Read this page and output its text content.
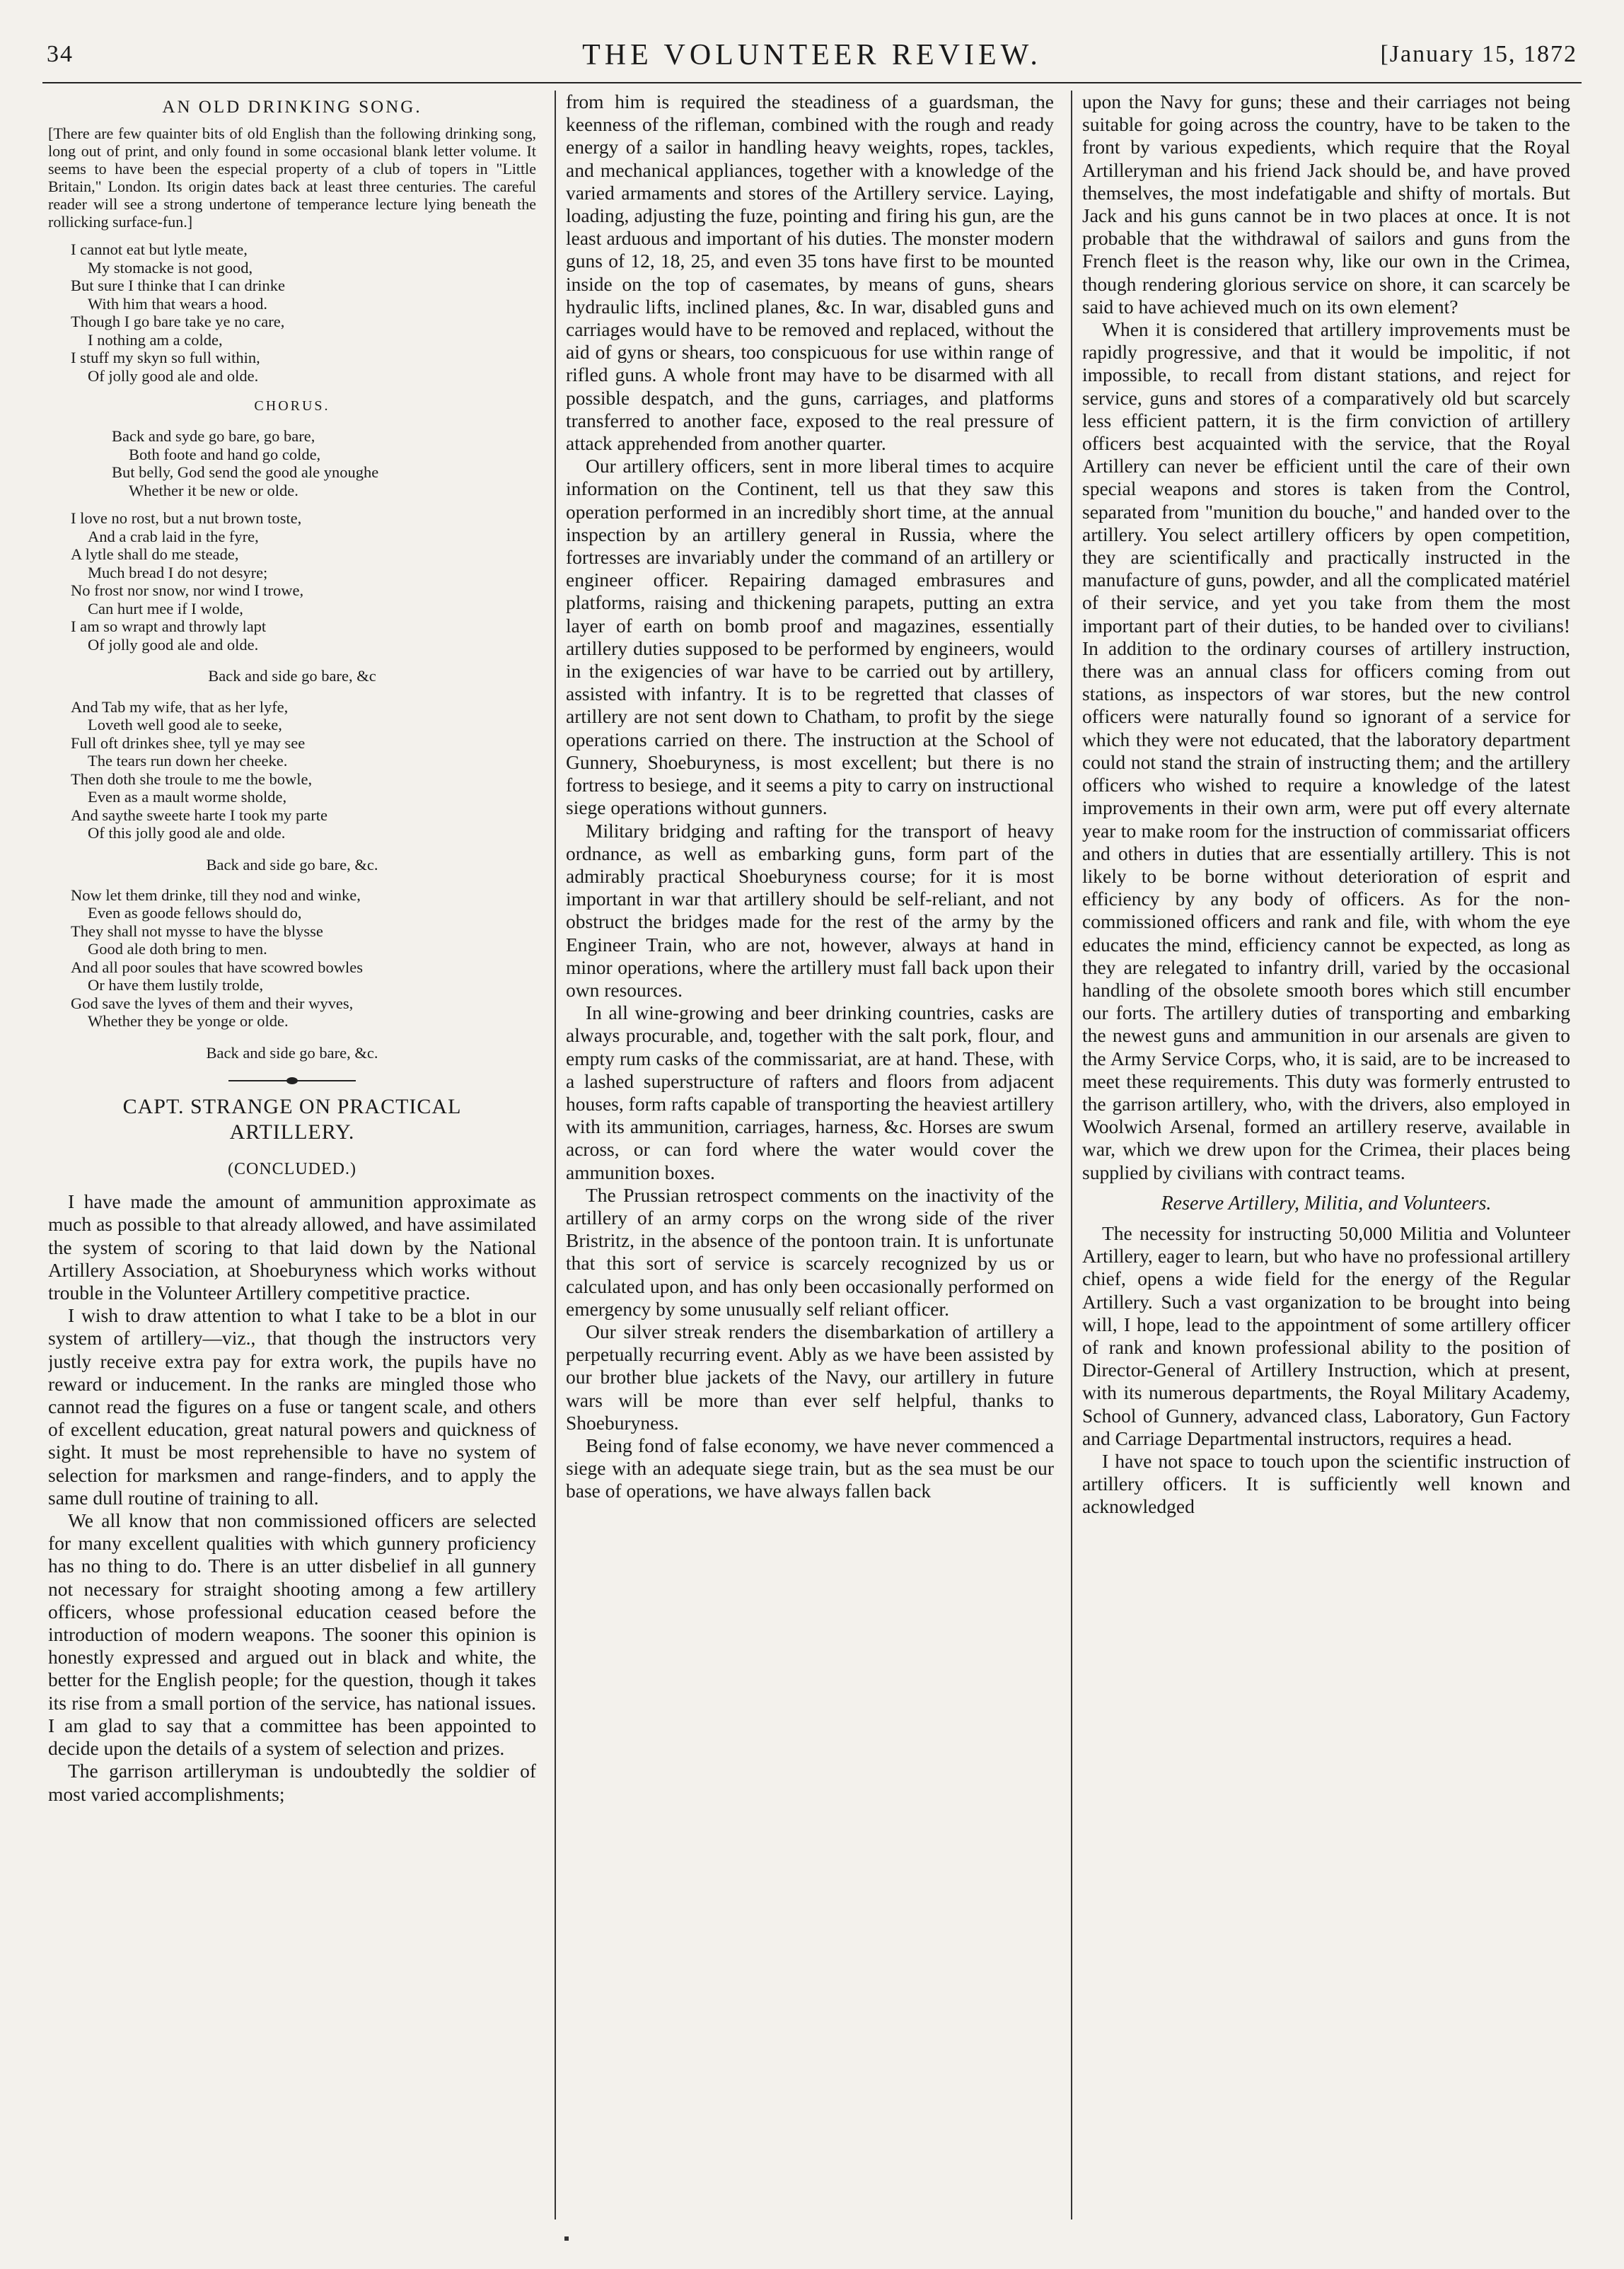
34	THE VOLUNTEER REVIEW.	[January 15, 1872
AN OLD DRINKING SONG.
[There are few quainter bits of old English than the following drinking song, long out of print, and only found in some occasional blank letter volume. It seems to have been the especial property of a club of topers in "Little Britain," London. Its origin dates back at least three centuries. The careful reader will see a strong undertone of temperance lecture lying beneath the rollicking surface-fun.]
I cannot eat but lytle meate,
My stomacke is not good,
But sure I thinke that I can drinke
With him that wears a hood.
Though I go bare take ye no care,
I nothing am a colde,
I stuff my skyn so full within,
Of jolly good ale and olde.
CHORUS.
Back and syde go bare, go bare,
Both foote and hand go colde,
But belly, God send the good ale ynoughe
Whether it be new or olde.
I love no rost, but a nut brown toste,
And a crab laid in the fyre,
A lytle shall do me steade,
Much bread I do not desyre;
No frost nor snow, nor wind I trowe,
Can hurt mee if I wolde,
I am so wrapt and throwly lapt
Of jolly good ale and olde.
Back and side go bare, &c
And Tab my wife, that as her lyfe,
Loveth well good ale to seeke,
Full oft drinkes shee, tyll ye may see
The tears run down her cheeke.
Then doth she troule to me the bowle,
Even as a mault worme sholde,
And saythe sweete harte I took my parte
Of this jolly good ale and olde.
Back and side go bare, &c.
Now let them drinke, till they nod and winke,
Even as goode fellows should do,
They shall not mysse to have the blysse
Good ale doth bring to men.
And all poor soules that have scowred bowles
Or have them lustily trolde,
God save the lyves of them and their wyves,
Whether they be yonge or olde.
Back and side go bare, &c.
CAPT. STRANGE ON PRACTICAL ARTILLERY.
(CONCLUDED.)

I have made the amount of ammunition approximate as much as possible to that already allowed, and have assimilated the system of scoring to that laid down by the National Artillery Association, at Shoeburyness which works without trouble in the Volunteer Artillery competitive practice.

I wish to draw attention to what I take to be a blot in our system of artillery—viz., that though the instructors very justly receive extra pay for extra work, the pupils have no reward or inducement. In the ranks are mingled those who cannot read the figures on a fuse or tangent scale, and others of excellent education, great natural powers and quickness of sight. It must be most reprehensible to have no system of selection for marksmen and range-finders, and to apply the same dull routine of training to all.

We all know that non commissioned officers are selected for many excellent qualities with which gunnery proficiency has no thing to do. There is an utter disbelief in all gunnery not necessary for straight shooting among a few artillery officers, whose professional education ceased before the introduction of modern weapons. The sooner this opinion is honestly expressed and argued out in black and white, the better for the English people; for the question, though it takes its rise from a small portion of the service, has national issues. I am glad to say that a committee has been appointed to decide upon the details of a system of selection and prizes.

The garrison artilleryman is undoubtedly the soldier of most varied accomplishments;

from him is required the steadiness of a guardsman, the keenness of the rifleman, combined with the rough and ready energy of a sailor in handling heavy weights, ropes, tackles, and mechanical appliances, together with a knowledge of the varied armaments and stores of the Artillery service. Laying, loading, adjusting the fuze, pointing and firing his gun, are the least arduous and important of his duties. The monster modern guns of 12, 18, 25, and even 35 tons have first to be mounted inside on the top of casemates, by means of guns, shears hydraulic lifts, inclined planes, &c. In war, disabled guns and carriages would have to be removed and replaced, without the aid of gyns or shears, too conspicuous for use within range of rifled guns. A whole front may have to be disarmed with all possible despatch, and the guns, carriages, and platforms transferred to another face, exposed to the real pressure of attack apprehended from another quarter.

Our artillery officers, sent in more liberal times to acquire information on the Continent, tell us that they saw this operation performed in an incredibly short time, at the annual inspection by an artillery general in Russia, where the fortresses are invariably under the command of an artillery or engineer officer. Repairing damaged embrasures and platforms, raising and thickening parapets, putting an extra layer of earth on bomb proof and magazines, essentially artillery duties supposed to be performed by engineers, would in the exigencies of war have to be carried out by artillery, assisted with infantry. It is to be regretted that classes of artillery are not sent down to Chatham, to profit by the siege operations carried on there. The instruction at the School of Gunnery, Shoeburyness, is most excellent; but there is no fortress to besiege, and it seems a pity to carry on instructional siege operations without gunners.

Military bridging and rafting for the transport of heavy ordnance, as well as embarking guns, form part of the admirably practical Shoeburyness course; for it is most important in war that artillery should be self-reliant, and not obstruct the bridges made for the rest of the army by the Engineer Train, who are not, however, always at hand in minor operations, where the artillery must fall back upon their own resources.

In all wine-growing and beer drinking countries, casks are always procurable, and, together with the salt pork, flour, and empty rum casks of the commissariat, are at hand. These, with a lashed superstructure of rafters and floors from adjacent houses, form rafts capable of transporting the heaviest artillery with its ammunition, carriages, harness, &c. Horses are swum across, or can ford where the water would cover the ammunition boxes.

The Prussian retrospect comments on the inactivity of the artillery of an army corps on the wrong side of the river Bristritz, in the absence of the pontoon train. It is unfortunate that this sort of service is scarcely recognized by us or calculated upon, and has only been occasionally performed on emergency by some unusually self reliant officer.

Our silver streak renders the disembarkation of artillery a perpetually recurring event. Ably as we have been assisted by our brother blue jackets of the Navy, our artillery in future wars will be more than ever self helpful, thanks to Shoeburyness.

Being fond of false economy, we have never commenced a siege with an adequate siege train, but as the sea must be our base of operations, we have always fallen back

upon the Navy for guns; these and their carriages not being suitable for going across the country, have to be taken to the front by various expedients, which require that the Royal Artilleryman and his friend Jack should be, and have proved themselves, the most indefatigable and shifty of mortals. But Jack and his guns cannot be in two places at once. It is not probable that the withdrawal of sailors and guns from the French fleet is the reason why, like our own in the Crimea, though rendering glorious service on shore, it can scarcely be said to have achieved much on its own element?

When it is considered that artillery improvements must be rapidly progressive, and that it would be impolitic, if not impossible, to recall from distant stations, and reject for service, guns and stores of a comparatively old but scarcely less efficient pattern, it is the firm conviction of artillery officers best acquainted with the service, that the Royal Artillery can never be efficient until the care of their own special weapons and stores is taken from the Control, separated from "munition du bouche," and handed over to the artillery. You select artillery officers by open competition, they are scientifically and practically instructed in the manufacture of guns, powder, and all the complicated matériel of their service, and yet you take from them the most important part of their duties, to be handed over to civilians! In addition to the ordinary courses of artillery instruction, there was an annual class for officers coming from out stations, as inspectors of war stores, but the new control officers were naturally found so ignorant of a service for which they were not educated, that the laboratory department could not stand the strain of instructing them; and the artillery officers who wished to require a knowledge of the latest improvements in their own arm, were put off every alternate year to make room for the instruction of commissariat officers and others in duties that are essentially artillery. This is not likely to be borne without deterioration of esprit and efficiency by any body of officers. As for the non-commissioned officers and rank and file, with whom the eye educates the mind, efficiency cannot be expected, as long as they are relegated to infantry drill, varied by the occasional handling of the obsolete smooth bores which still encumber our forts. The artillery duties of transporting and embarking the newest guns and ammunition in our arsenals are given to the Army Service Corps, who, it is said, are to be increased to meet these requirements. This duty was formerly entrusted to the garrison artillery, who, with the drivers, also employed in Woolwich Arsenal, formed an artillery reserve, available in war, which we drew upon for the Crimea, their places being supplied by civilians with contract teams.

Reserve Artillery, Militia, and Volunteers.

The necessity for instructing 50,000 Militia and Volunteer Artillery, eager to learn, but who have no professional artillery chief, opens a wide field for the energy of the Regular Artillery. Such a vast organization to be brought into being will, I hope, lead to the appointment of some artillery officer of rank and known professional ability to the position of Director-General of Artillery Instruction, which at present, with its numerous departments, the Royal Military Academy, School of Gunnery, advanced class, Laboratory, Gun Factory and Carriage Departmental instructors, requires a head.

I have not space to touch upon the scientific instruction of artillery officers. It is sufficiently well known and acknowledged
